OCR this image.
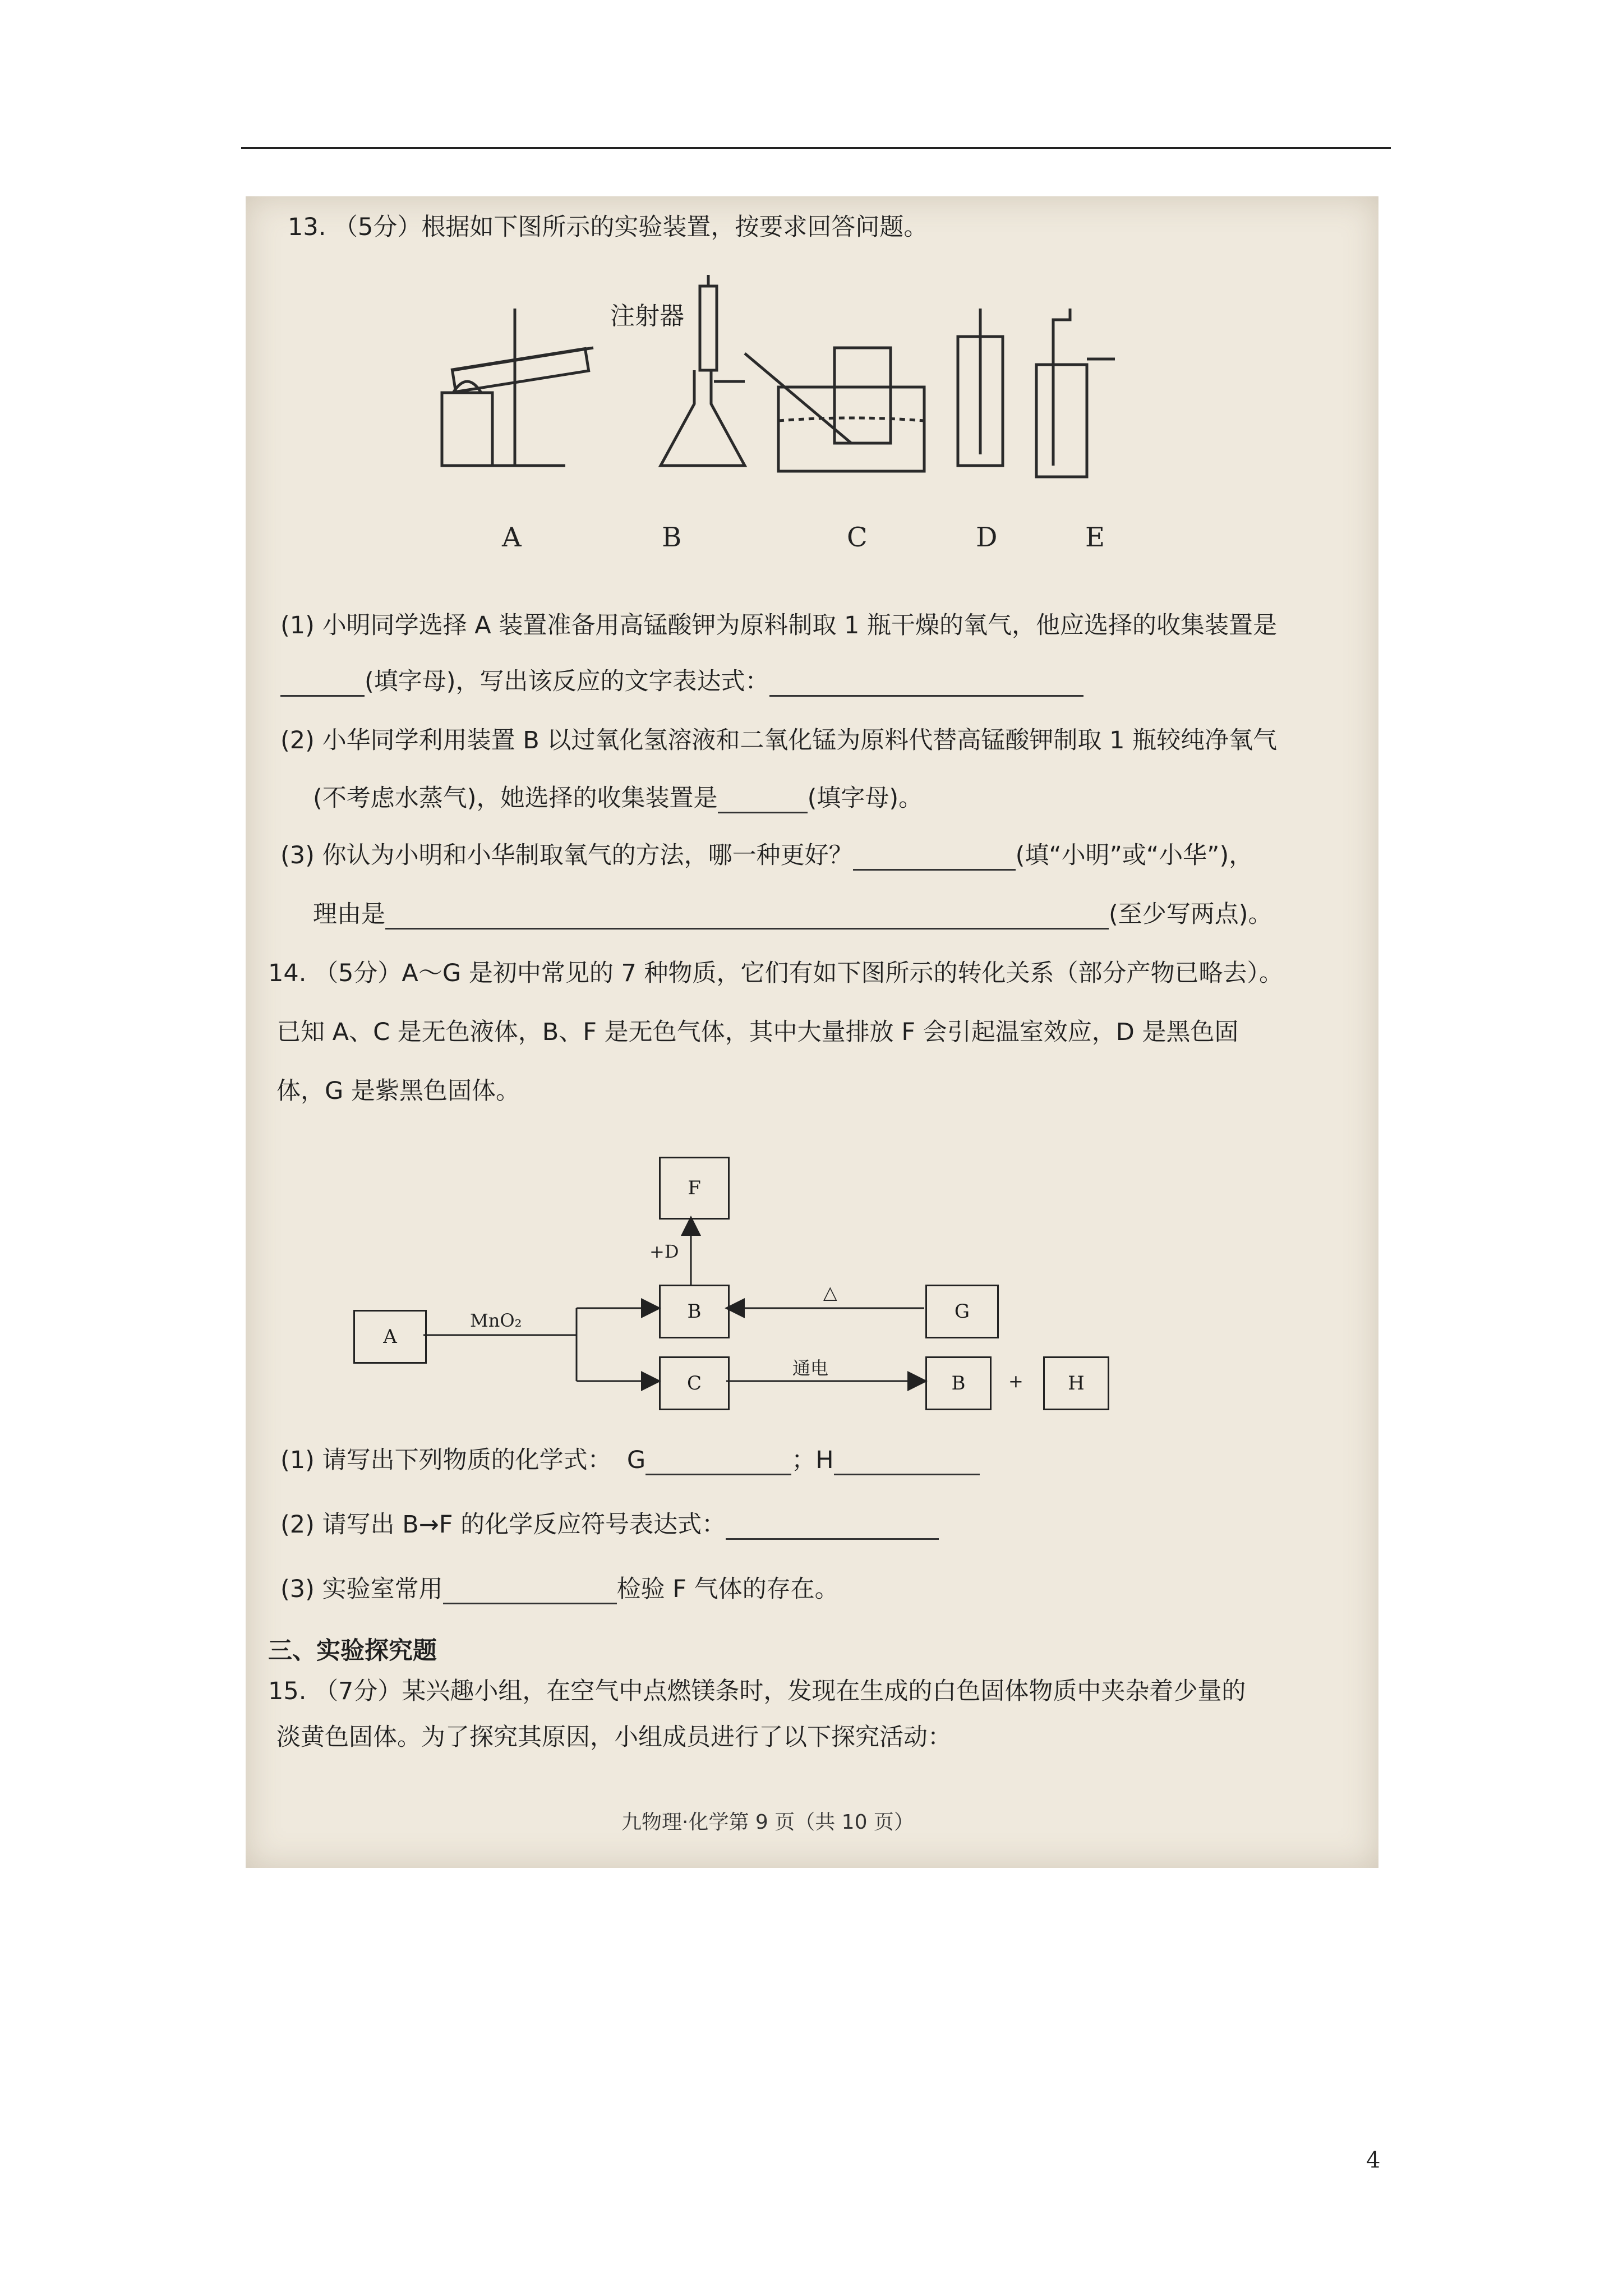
13. （5分）根据如下图所示的实验装置，按要求回答问题。
注射器
A	B	C	D	E
(1) 小明同学选择 A 装置准备用高锰酸钾为原料制取 1 瓶干燥的氧气，他应选择的收集装置是
(填字母)，写出该反应的文字表达式：
(2) 小华同学利用装置 B 以过氧化氢溶液和二氧化锰为原料代替高锰酸钾制取 1 瓶较纯净氧气
(不考虑水蒸气)，她选择的收集装置是	(填字母)。
(3) 你认为小明和小华制取氧气的方法，哪一种更好？	(填“小明”或“小华”)，
理由是	(至少写两点)。
14. （5分）A～G 是初中常见的 7 种物质，它们有如下图所示的转化关系（部分产物已略去）。
已知 A、C 是无色液体，B、F 是无色气体，其中大量排放 F 会引起温室效应，D 是黑色固
体，G 是紫黑色固体。
F
B
C
A
G
B	H
MnO₂
+D
△
通电
+
(1) 请写出下列物质的化学式： G	；H
(2) 请写出 B→F 的化学反应符号表达式：
(3) 实验室常用	检验 F 气体的存在。
三、实验探究题
15. （7分）某兴趣小组，在空气中点燃镁条时，发现在生成的白色固体物质中夹杂着少量的
淡黄色固体。为了探究其原因，小组成员进行了以下探究活动：
九物理·化学第 9 页（共 10 页）
4
